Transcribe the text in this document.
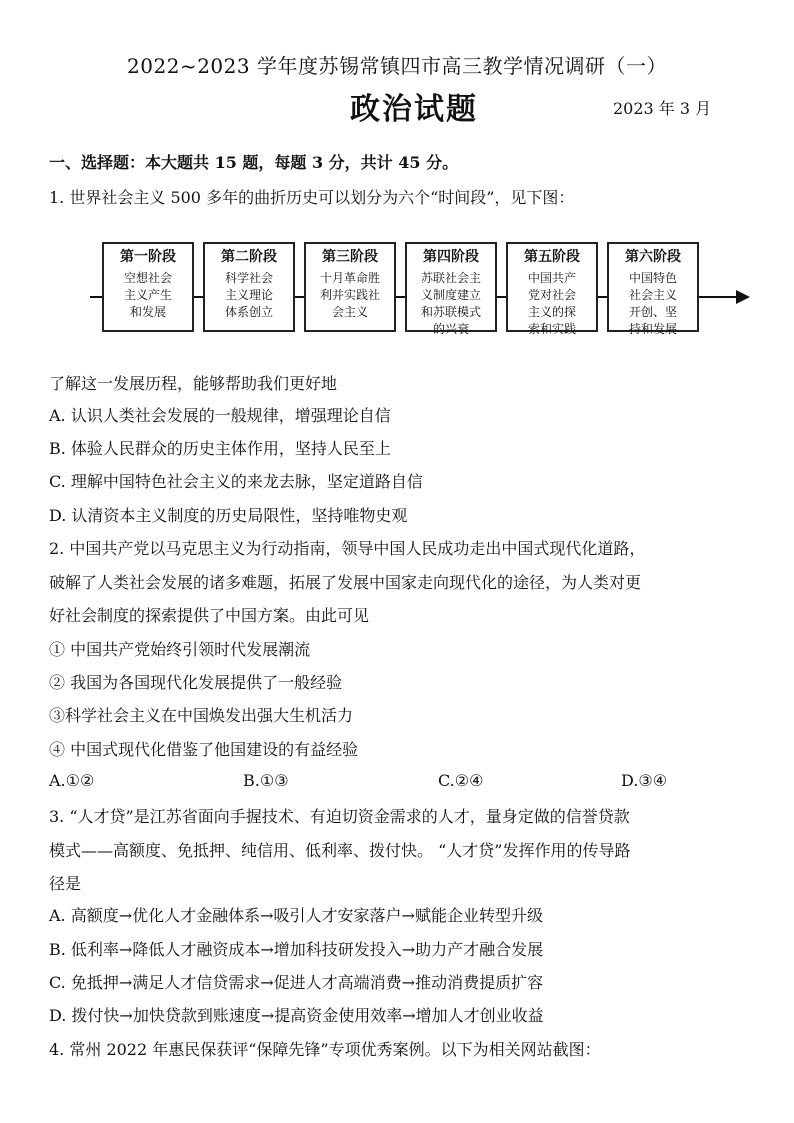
2022~2023 学年度苏锡常镇四市高三教学情况调研（一）
政治试题	2023 年 3 月
一、选择题：本大题共 15 题，每题 3 分，共计 45 分。
1. 世界社会主义 500 多年的曲折历史可以划分为六个“时间段”，见下图：
第一阶段
空想社会
主义产生
和发展
第二阶段
科学社会
主义理论
体系创立
第三阶段
十月革命胜
利并实践社
会主义
第四阶段
苏联社会主
义制度建立
和苏联模式
的兴衰
第五阶段
中国共产
党对社会
主义的探
索和实践
第六阶段
中国特色
社会主义
开创、坚
持和发展
了解这一发展历程，能够帮助我们更好地
A. 认识人类社会发展的一般规律，增强理论自信
B. 体验人民群众的历史主体作用，坚持人民至上
C. 理解中国特色社会主义的来龙去脉，坚定道路自信
D. 认清资本主义制度的历史局限性，坚持唯物史观
2. 中国共产党以马克思主义为行动指南，领导中国人民成功走出中国式现代化道路，
破解了人类社会发展的诸多难题，拓展了发展中国家走向现代化的途径，为人类对更
好社会制度的探索提供了中国方案。由此可见
① 中国共产党始终引领时代发展潮流
② 我国为各国现代化发展提供了一般经验
③科学社会主义在中国焕发出强大生机活力
④ 中国式现代化借鉴了他国建设的有益经验
A.①②	B.①③	C.②④	D.③④
3. “人才贷”是江苏省面向手握技术、有迫切资金需求的人才，量身定做的信誉贷款
模式——高额度、免抵押、纯信用、低利率、拨付快。 “人才贷”发挥作用的传导路
径是
A. 高额度→优化人才金融体系→吸引人才安家落户→赋能企业转型升级
B. 低利率→降低人才融资成本→增加科技研发投入→助力产才融合发展
C. 免抵押→满足人才信贷需求→促进人才高端消费→推动消费提质扩容
D. 拨付快→加快贷款到账速度→提高资金使用效率→增加人才创业收益
4. 常州 2022 年惠民保获评“保障先锋”专项优秀案例。以下为相关网站截图：
